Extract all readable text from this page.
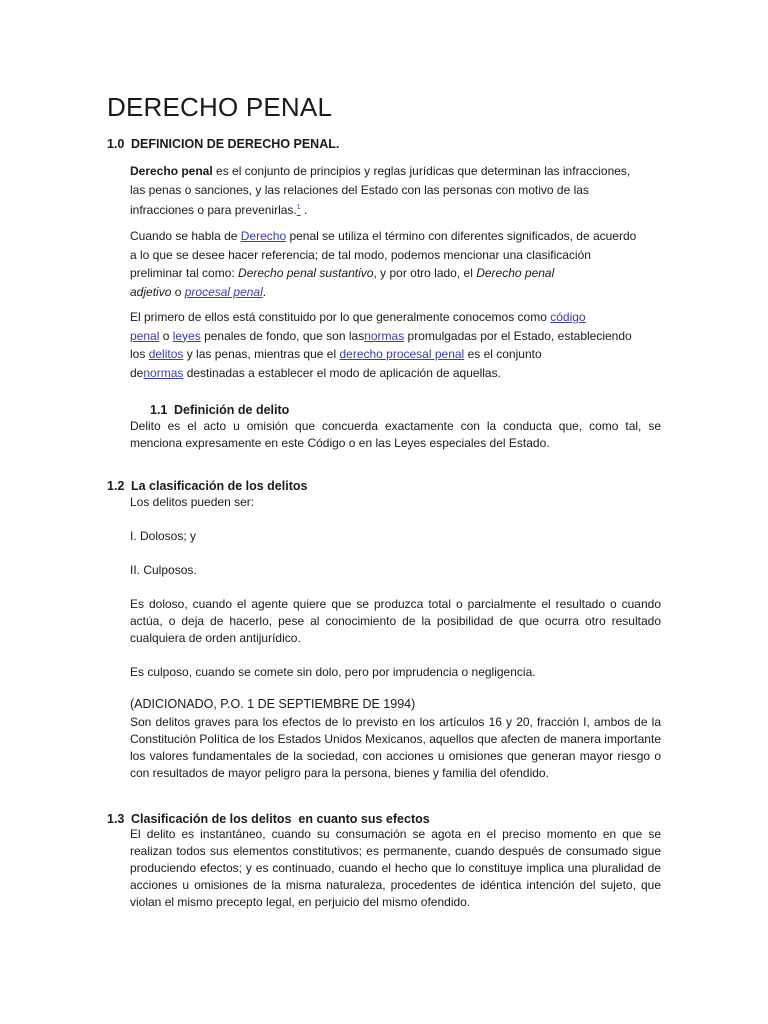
DERECHO PENAL
1.0 DEFINICION DE DERECHO PENAL.
Derecho penal es el conjunto de principios y reglas jurídicas que determinan las infracciones,
las penas o sanciones, y las relaciones del Estado con las personas con motivo de las
infracciones o para prevenirlas.$^1$ .
Cuando se habla de Derecho penal se utiliza el término con diferentes significados, de acuerdo
a lo que se desee hacer referencia; de tal modo, podemos mencionar una clasificación
preliminar tal como: Derecho penal sustantivo, y por otro lado, el Derecho penal
adjetivo o procesal penal.
El primero de ellos está constituido por lo que generalmente conocemos como código
penal o leyes penales de fondo, que son lasnormas promulgadas por el Estado, estableciendo
los delitos y las penas, mientras que el derecho procesal penal es el conjunto
denormas destinadas a establecer el modo de aplicación de aquellas.
1.1 Definición de delito
Delito es el acto u omisión que concuerda exactamente con la conducta que, como tal, se
menciona expresamente en este Código o en las Leyes especiales del Estado.
1.2 La clasificación de los delitos
Los delitos pueden ser:
I. Dolosos; y
II. Culposos.
Es doloso, cuando el agente quiere que se produzca total o parcialmente el resultado o cuando actúa, o deja de hacerlo, pese al conocimiento de la posibilidad de que ocurra otro resultado cualquiera de orden antijurídico.
Es culposo, cuando se comete sin dolo, pero por imprudencia o negligencia.
(ADICIONADO, P.O. 1 DE SEPTIEMBRE DE 1994)
Son delitos graves para los efectos de lo previsto en los artículos 16 y 20, fracción I, ambos de la Constitución Política de los Estados Unidos Mexicanos, aquellos que afecten de manera importante los valores fundamentales de la sociedad, con acciones u omisiones que generan mayor riesgo o con resultados de mayor peligro para la persona, bienes y familia del ofendido.
1.3 Clasificación de los delitos  en cuanto sus efectos
El delito es instantáneo, cuando su consumación se agota en el preciso momento en que se realizan todos sus elementos constitutivos; es permanente, cuando después de consumado sigue produciendo efectos; y es continuado, cuando el hecho que lo constituye implica una pluralidad de acciones u omisiones de la misma naturaleza, procedentes de idéntica intención del sujeto, que violan el mismo precepto legal, en perjuicio del mismo ofendido.
